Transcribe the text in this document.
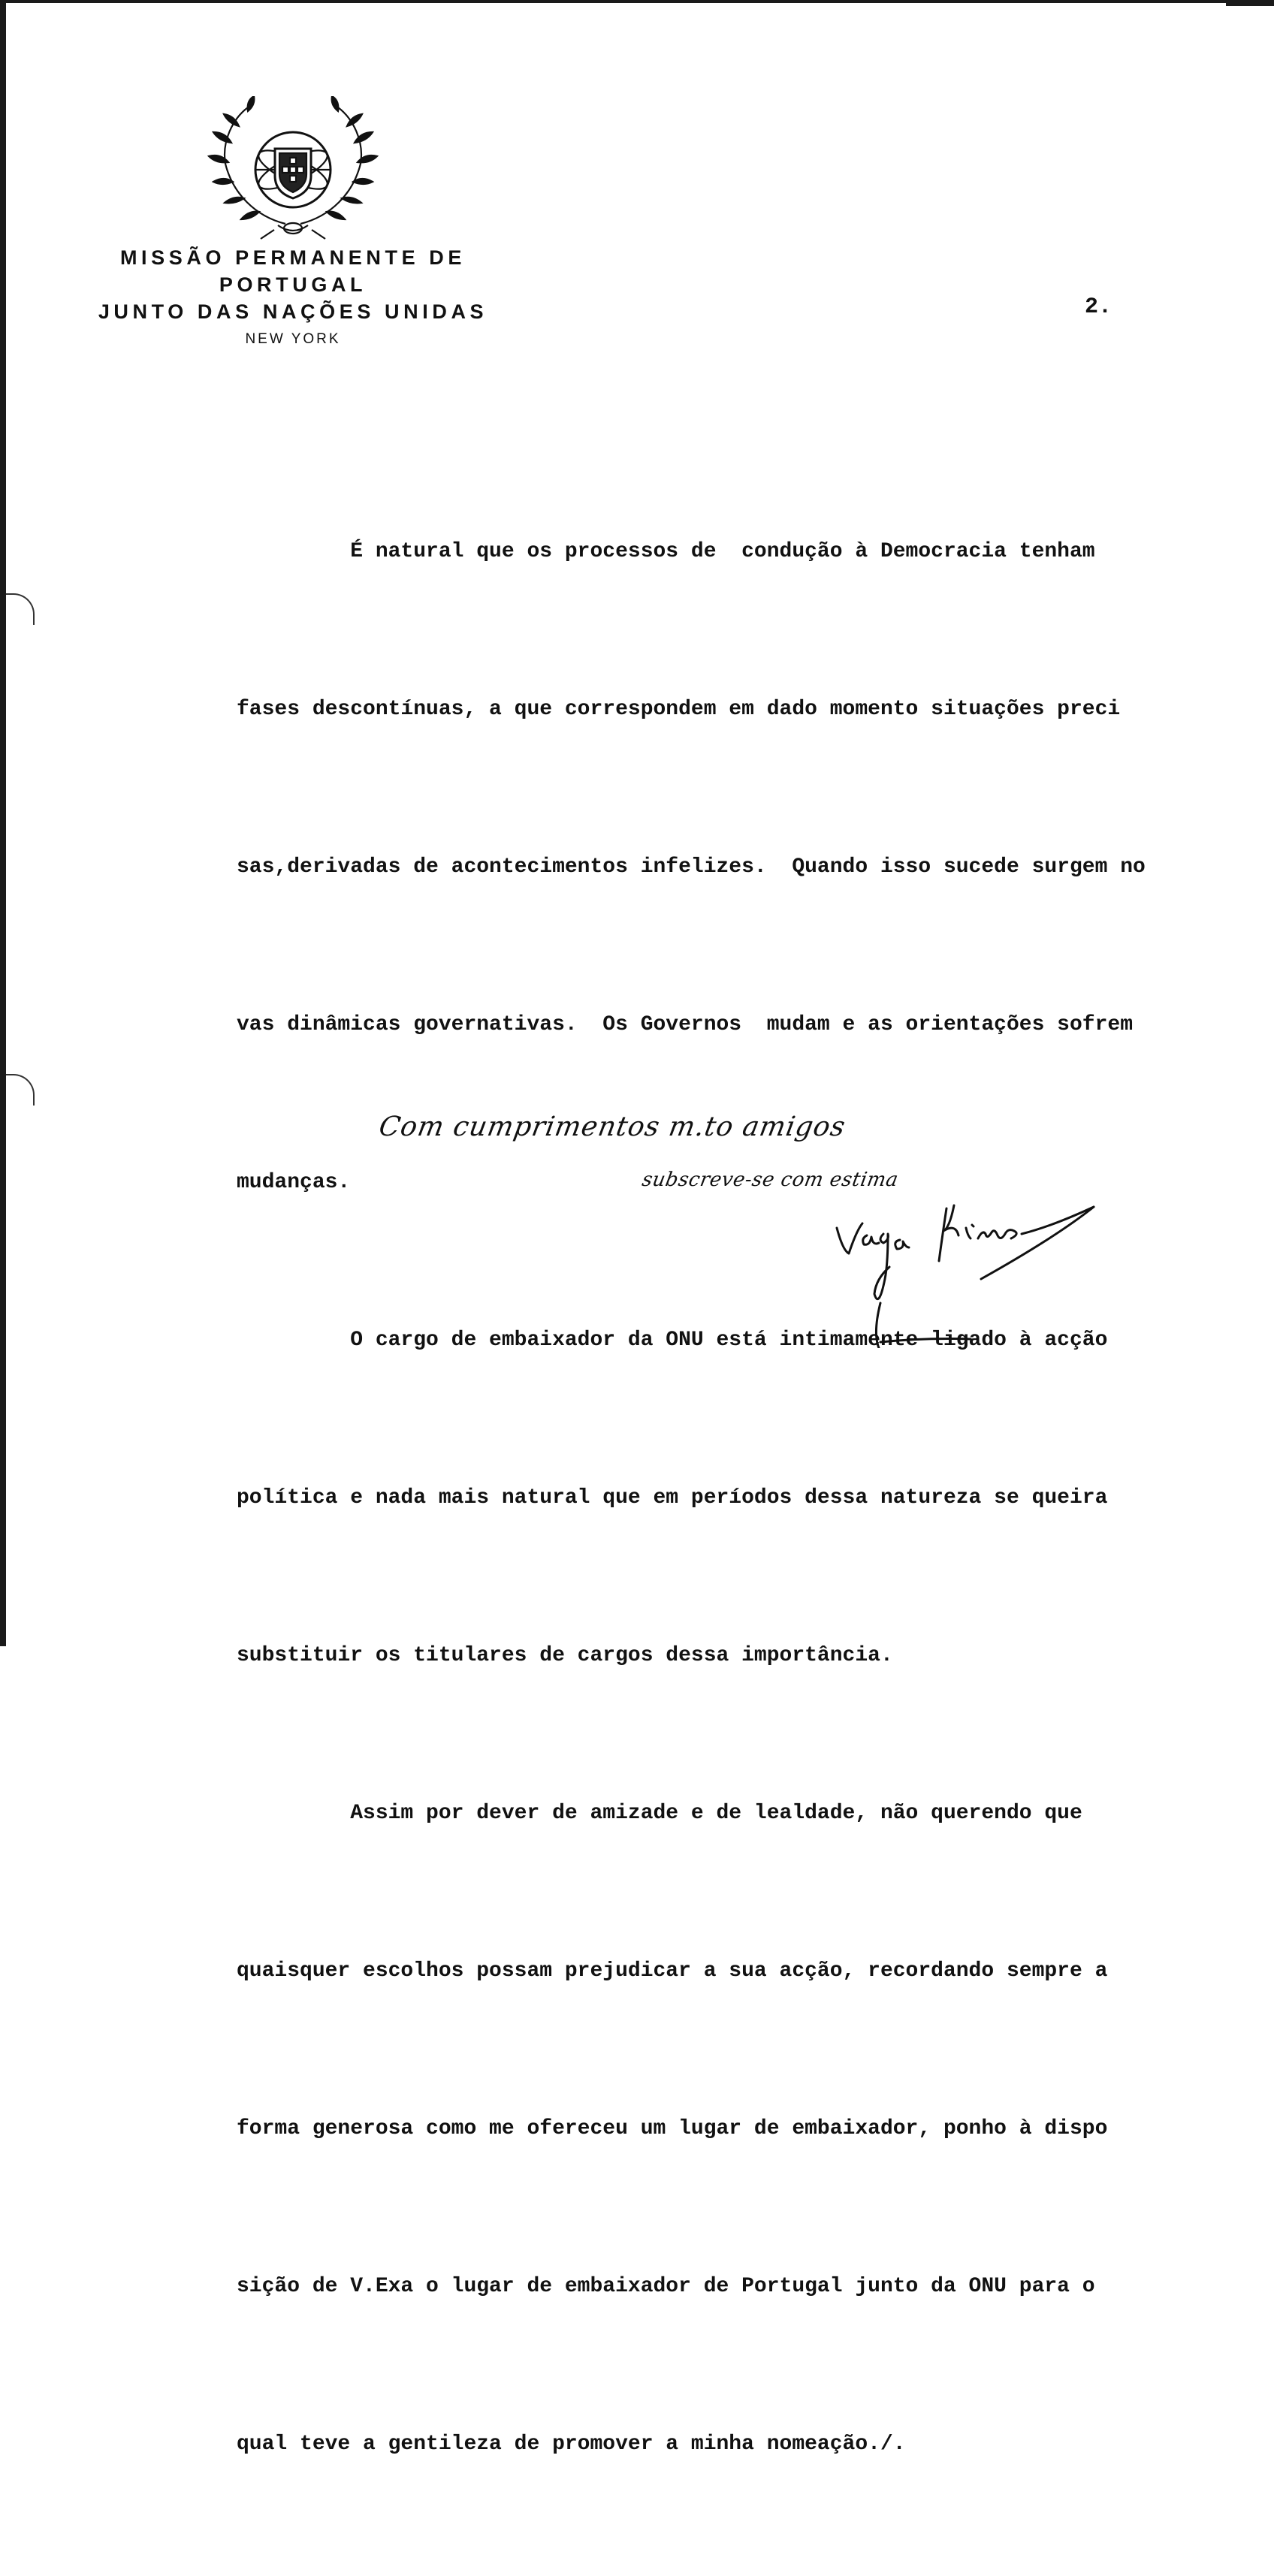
MISSÃO PERMANENTE DE PORTUGAL
JUNTO DAS NAÇÕES UNIDAS
NEW YORK
2.

É natural que os processos de  condução à Democracia tenham

fases descontínuas, a que correspondem em dado momento situações preci

sas,derivadas de acontecimentos infelizes.  Quando isso sucede surgem no

vas dinâmicas governativas.  Os Governos  mudam e as orientações sofrem

mudanças.

O cargo de embaixador da ONU está intimamente ligado à acção

política e nada mais natural que em períodos dessa natureza se queira

substituir os titulares de cargos dessa importância.

Assim por dever de amizade e de lealdade, não querendo que

quaisquer escolhos possam prejudicar a sua acção, recordando sempre a

forma generosa como me ofereceu um lugar de embaixador, ponho à dispo

sição de V.Exa o lugar de embaixador de Portugal junto da ONU para o

qual teve a gentileza de promover a minha nomeação./.

Com cumprimentos m.to amigos
subscreve-se com estima
